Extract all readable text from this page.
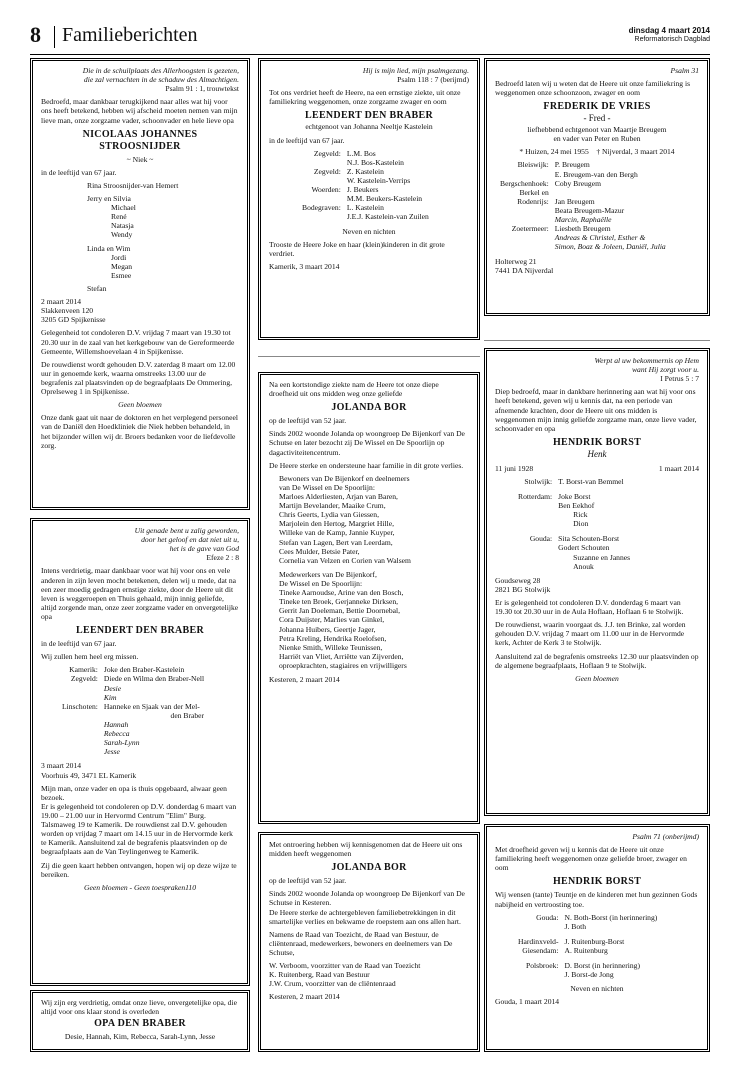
8 Familieberichten	dinsdag 4 maart 2014
Reformatorisch Dagblad

Die in de schuilplaats des Allerhoogsten is gezeten,

die zal vernachten in de schaduw des Almachtigen.

Psalm 91 : 1, trouwtekst

Bedroefd, maar dankbaar terugkijkend naar alles wat hij voor ons heeft betekend, hebben wij afscheid moeten nemen van mijn lieve man, onze zorgzame vader, schoonvader en hele lieve opa

NICOLAAS JOHANNES
STROOSNIJDER

~ Niek ~

in de leeftijd van 67 jaar.

Rina Stroosnijder-van Hemert

Jerry en Silvia
Michael
René
Natasja
Wendy
Linda en Wim
Jordi
Megan
Esmee

Stefan

2 maart 2014
Slakkenveen 120

3205 GD Spijkenisse

Gelegenheid tot condoleren D.V. vrijdag 7 maart van 19.30 tot 20.30 uur in de zaal van het kerkgebouw van de Gereformeerde Gemeente, Willemshoevelaan 4 in Spijkenisse.

De rouwdienst wordt gehouden D.V. zaterdag 8 maart om 12.00 uur in genoemde kerk, waarna omstreeks 13.00 uur de begrafenis zal plaatsvinden op de begraafplaats De Ommering, Oprelseweg 1 in Spijkenisse.

Geen bloemen

Onze dank gaat uit naar de doktoren en het verplegend personeel van de Daniël den Hoedkliniek die Niek hebben behandeld, in het bijzonder willen wij dr. Broers bedanken voor de liefdevolle zorg.

Uit genade bent u zalig geworden,

door het geloof en dat niet uit u,

het is de gave van God

Efeze 2 : 8

Intens verdrietig, maar dankbaar voor wat hij voor ons en vele anderen in zijn leven mocht betekenen, delen wij u mede, dat na een zeer moedig gedragen ernstige ziekte, door de Heere uit dit leven is weggeroepen en Thuis gehaald, mijn innig geliefde, altijd zorgende man, onze zeer zorgzame vader en onvergetelijke opa

LEENDERT DEN BRABER

in de leeftijd van 67 jaar.

Wij zullen hem heel erg missen.

Kamerik:	Joke den Braber-Kastelein
Zegveld:	Diede en Wilma den Braber-Nell
	Desie
	Kim
Linschoten:	Hanneke en Sjaak van der Mel-
	den Braber
	Hannah
	Rebecca
	Sarah-Lynn
	Jesse
3 maart 2014

Voorhuis 49, 3471 EL Kamerik

Mijn man, onze vader en opa is thuis opgebaard, alwaar geen bezoek.

Er is gelegenheid tot condoleren op D.V. donderdag 6 maart van 19.00 – 21.00 uur in Hervormd Centrum "Elim" Burg. Talsmaweg 19 te Kamerik. De rouwdienst zal D.V. gehouden worden op vrijdag 7 maart om 14.15 uur in de Hervormde kerk te Kamerik. Aansluitend zal de begrafenis plaatsvinden op de begraafplaats aan de Van Teylingenweg te Kamerik.

Zij die geen kaart hebben ontvangen, hopen wij op deze wijze te bereiken.

Geen bloemen - Geen toespraken110

Wij zijn erg verdrietig, omdat onze lieve, onvergetelijke opa, die altijd voor ons klaar stond is overleden

OPA DEN BRABER

Desie, Hannah, Kim, Rebecca, Sarah-Lynn, Jesse

Hij is mijn lied, mijn psalmgezang.

Psalm 118 : 7 (berijmd)

Tot ons verdriet heeft de Heere, na een ernstige ziekte, uit onze familiekring weggenomen, onze zorgzame zwager en oom

LEENDERT DEN BRABER

echtgenoot van Johanna Neeltje Kastelein

in de leeftijd van 67 jaar.

Zegveld:	L.M. Bos
	N.J. Bos-Kastelein
Zegveld:	Z. Kastelein
	W. Kastelein-Verrips
Woerden:	J. Beukers
	M.M. Beukers-Kastelein
Bodegraven:	L. Kastelein
	J.E.J. Kastelein-van Zuilen

Neven en nichten

Trooste de Heere Joke en haar (klein)kinderen in dit grote verdriet.

Kamerik, 3 maart 2014

Na een kortstondige ziekte nam de Heere tot onze diepe droefheid uit ons midden weg onze geliefde

JOLANDA BOR

op de leeftijd van 52 jaar.

Sinds 2002 woonde Jolanda op woongroep De Bijenkorf van De Schutse en later bezocht zij De Wissel en De Spoorlijn op dagactiviteitencentrum.

De Heere sterke en ondersteune haar familie in dit grote verlies.

Bewoners van De Bijenkorf en deelnemers
van De Wissel en De Spoorlijn:
Marloes Alderliesten, Arjan van Baren,
Martijn Bevelander, Maaike Crum,
Chris Geerts, Lydia van Giessen,
Marjolein den Hertog, Margriet Hille,
Willeke van de Kamp, Jannie Kuyper,
Stefan van Lagen, Bert van Leerdam,
Cees Mulder, Betsie Pater,
Cornelia van Velzen en Corien van Walsem
Medewerkers van De Bijenkorf,
De Wissel en De Spoorlijn:
Tineke Aarnoudse, Arine van den Bosch,
Tineke ten Broek, Gerjanneke Dirksen,
Gerrit Jan Doeleman, Bettie Doornebal,
Cora Duijster, Marlies van Ginkel,
Johanna Huibers, Geertje Jager,
Petra Kreling, Hendrika Roelofsen,
Nienke Smith, Willeke Teunissen,
Harriët van Vliet, Arriëtte van Zijverden,
oproepkrachten, stagiaires en vrijwilligers

Kesteren, 2 maart 2014

Met ontroering hebben wij kennisgenomen dat de Heere uit ons midden heeft weggenomen

JOLANDA BOR

op de leeftijd van 52 jaar.

Sinds 2002 woonde Jolanda op woongroep De Bijenkorf van De Schutse in Kesteren.

De Heere sterke de achtergebleven familiebetrekkingen in dit smartelijke verlies en bekwame de roepstem aan ons allen hart.

Namens de Raad van Toezicht, de Raad van Bestuur, de cliëntenraad, medewerkers, bewoners en deelnemers van De Schutse,

W. Verboom, voorzitter van de Raad van Toezicht
K. Ruitenberg, Raad van Bestuur

J.W. Crum, voorzitter van de cliëntenraad

Kesteren, 2 maart 2014

Psalm 31

Bedroefd laten wij u weten dat de Heere uit onze familiekring is weggenomen onze schoonzoon, zwager en oom

FREDERIK DE VRIES

- Fred -

liefhebbend echtgenoot van Maartje Breugem

en vader van Peter en Ruben

* Huizen, 24 mei 1955 † Nijverdal, 3 maart 2014

Bleiswijk:	P. Breugem
	E. Breugem-van den Bergh
Bergschenhoek:	Coby Breugem
Berkel en	
Rodenrijs:	Jan Breugem
	Beata Breugem-Mazur
	Marcin, Raphaëlle
Zoetermeer:	Liesbeth Breugem
	Andreas & Christel, Esther &
	Simon, Boaz & Joleen, Daniël, Julia
Holterweg 21
7441 DA Nijverdal

Werpt al uw bekommernis op Hem

want Hij zorgt voor u.

I Petrus 5 : 7

Diep bedroefd, maar in dankbare herinnering aan wat hij voor ons heeft betekend, geven wij u kennis dat, na een periode van afnemende krachten, door de Heere uit ons midden is weggenomen mijn innig geliefde zorgzame man, onze lieve vader, schoonvader en opa

HENDRIK BORST

Henk

11 juni 1928	1 maart 2014

Stolwijk:	T. Borst-van Bemmel

Rotterdam:	Joke Borst
	Ben Eekhof
	Rick
	Dion

Gouda:	Sita Schouten-Borst
	Godert Schouten
	Suzanne en Jannes
	Anouk
Goudseweg 28

2821 BG Stolwijk

Er is gelegenheid tot condoleren D.V. donderdag 6 maart van 19.30 tot 20.30 uur in de Aula Hoflaan, Hoflaan 6 te Stolwijk.

De rouwdienst, waarin voorgaat ds. J.J. ten Brinke, zal worden gehouden D.V. vrijdag 7 maart om 11.00 uur in de Hervormde kerk, Achter de Kerk 3 te Stolwijk.

Aansluitend zal de begrafenis omstreeks 12.30 uur plaatsvinden op de algemene begraafplaats, Hoflaan 9 te Stolwijk.

Geen bloemen

Psalm 71 (onberijmd)

Met droefheid geven wij u kennis dat de Heere uit onze familiekring heeft weggenomen onze geliefde broer, zwager en oom

HENDRIK BORST

Wij wensen (tante) Teuntje en de kinderen met hun gezinnen Gods nabijheid en vertroosting toe.

Gouda:	N. Both-Borst (in herinnering)
	J. Both

Hardinxveld-	J. Ruitenburg-Borst
Giesendam:	A. Ruitenburg

Polsbroek:	D. Borst (in herinnering)
	J. Borst-de Jong

Neven en nichten

Gouda, 1 maart 2014
